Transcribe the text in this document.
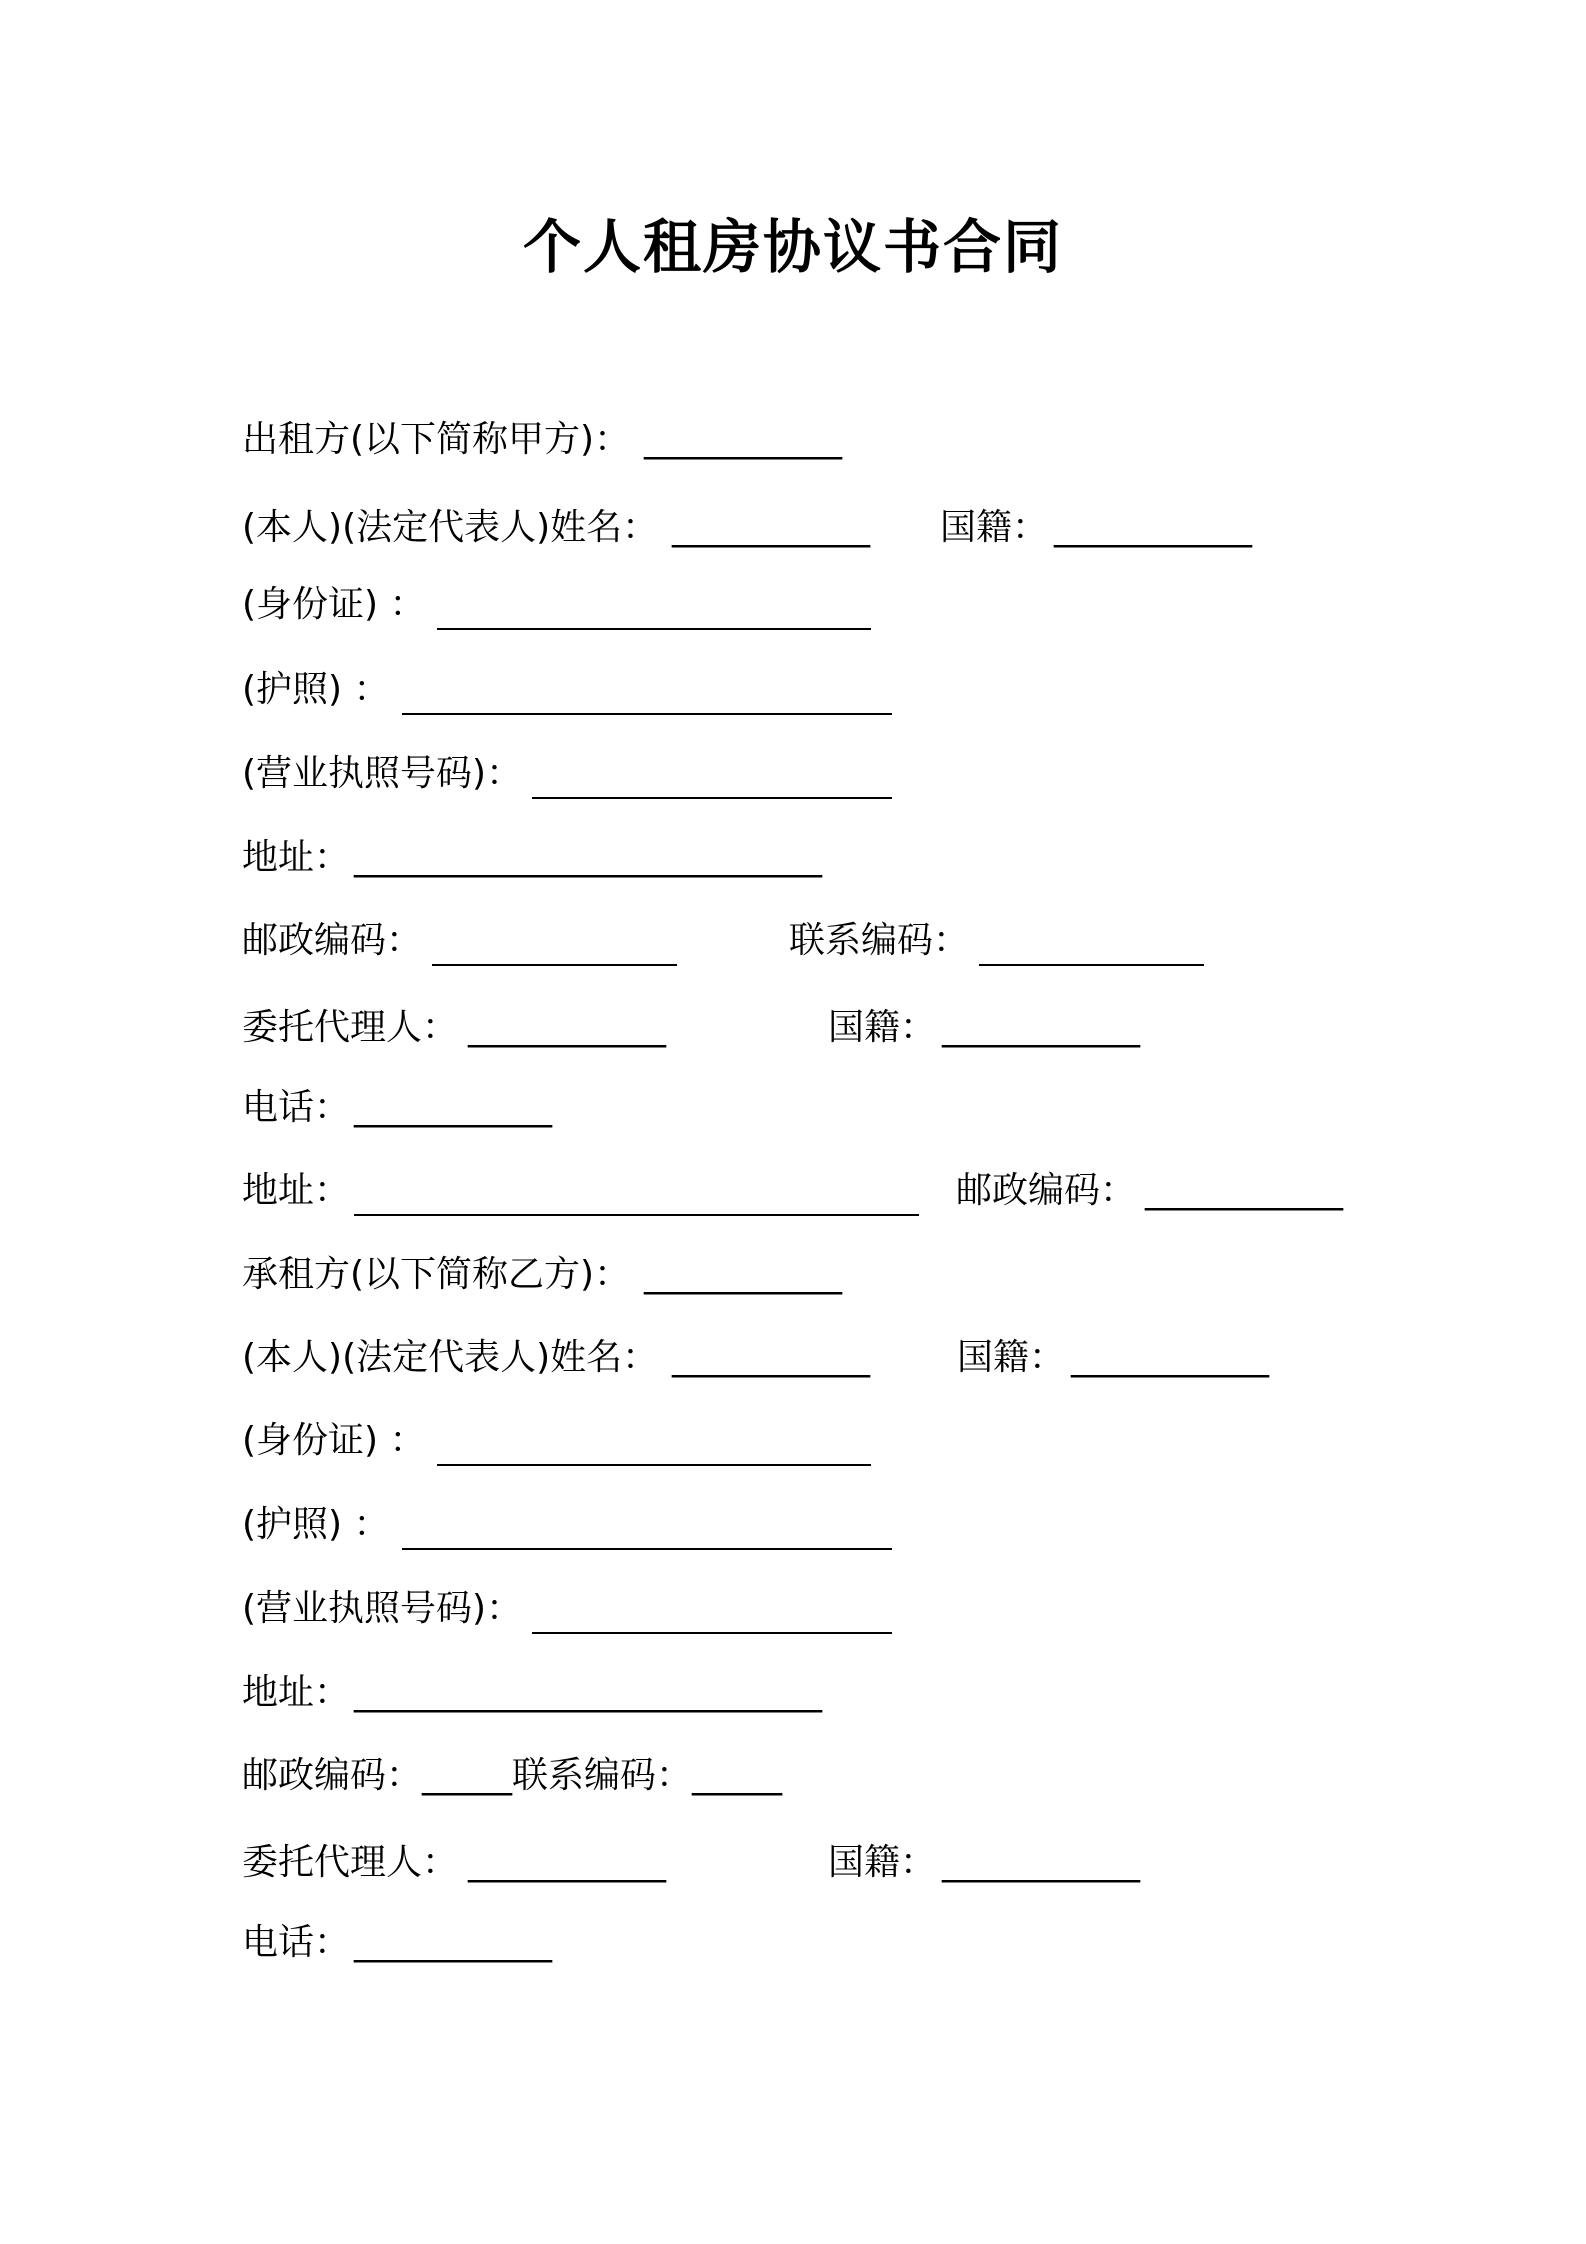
个人租房协议书合同
出租方(以下简称甲方)： ___________
(本人)(法定代表人)姓名： ___________ 国籍： ___________
(身份证) ：
(护照) ：
(营业执照号码)：
地址： __________________________
邮政编码：	联系编码：
委托代理人： ___________	国籍： ___________
电话： ___________
地址：	邮政编码： ___________
承租方(以下简称乙方)： ___________
(本人)(法定代表人)姓名： ___________ 国籍： ___________
(身份证) ：
(护照) ：
(营业执照号码)：
地址： __________________________
邮政编码：_____联系编码：_____
委托代理人： ___________	国籍： ___________
电话： ___________
